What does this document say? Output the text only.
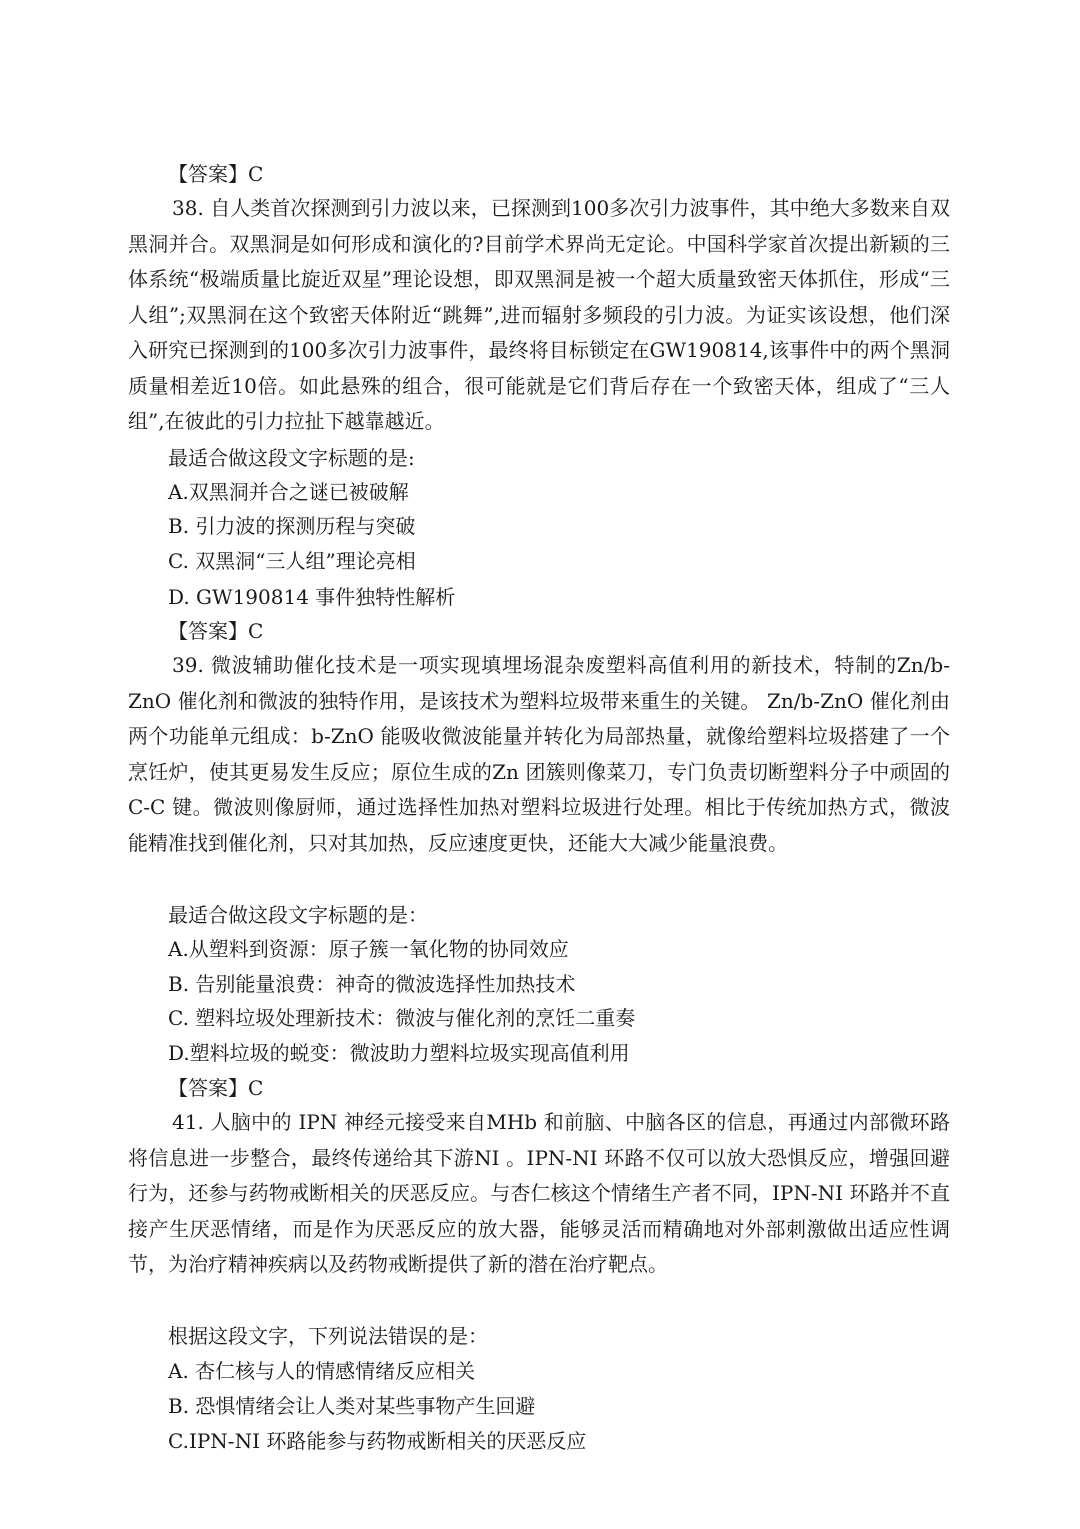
【答案】C
38. 自人类首次探测到引力波以来，已探测到100多次引力波事件，其中绝大多数来自双黑洞并合。双黑洞是如何形成和演化的?目前学术界尚无定论。中国科学家首次提出新颖的三体系统“极端质量比旋近双星”理论设想，即双黑洞是被一个超大质量致密天体抓住，形成“三人组”;双黑洞在这个致密天体附近“跳舞”,进而辐射多频段的引力波。为证实该设想，他们深入研究已探测到的100多次引力波事件，最终将目标锁定在GW190814,该事件中的两个黑洞质量相差近10倍。如此悬殊的组合，很可能就是它们背后存在一个致密天体，组成了“三人组”,在彼此的引力拉扯下越靠越近。
最适合做这段文字标题的是:
A.双黑洞并合之谜已被破解
B. 引力波的探测历程与突破
C. 双黑洞“三人组”理论亮相
D. GW190814 事件独特性解析
【答案】C
39. 微波辅助催化技术是一项实现填埋场混杂废塑料高值利用的新技术，特制的Zn/b-ZnO 催化剂和微波的独特作用，是该技术为塑料垃圾带来重生的关键。 Zn/b-ZnO 催化剂由两个功能单元组成：b-ZnO 能吸收微波能量并转化为局部热量，就像给塑料垃圾搭建了一个烹饪炉，使其更易发生反应；原位生成的Zn 团簇则像菜刀，专门负责切断塑料分子中顽固的C-C 键。微波则像厨师，通过选择性加热对塑料垃圾进行处理。相比于传统加热方式，微波能精准找到催化剂，只对其加热，反应速度更快，还能大大减少能量浪费。
最适合做这段文字标题的是：
A.从塑料到资源：原子簇一氧化物的协同效应
B. 告别能量浪费：神奇的微波选择性加热技术
C. 塑料垃圾处理新技术：微波与催化剂的烹饪二重奏
D.塑料垃圾的蜕变：微波助力塑料垃圾实现高值利用
【答案】C
41. 人脑中的 IPN 神经元接受来自MHb 和前脑、中脑各区的信息，再通过内部微环路将信息进一步整合，最终传递给其下游NI 。IPN-NI 环路不仅可以放大恐惧反应，增强回避行为，还参与药物戒断相关的厌恶反应。与杏仁核这个情绪生产者不同，IPN-NI 环路并不直接产生厌恶情绪，而是作为厌恶反应的放大器，能够灵活而精确地对外部刺激做出适应性调节，为治疗精神疾病以及药物戒断提供了新的潜在治疗靶点。
根据这段文字，下列说法错误的是：
A. 杏仁核与人的情感情绪反应相关
B. 恐惧情绪会让人类对某些事物产生回避
C.IPN-NI 环路能参与药物戒断相关的厌恶反应
